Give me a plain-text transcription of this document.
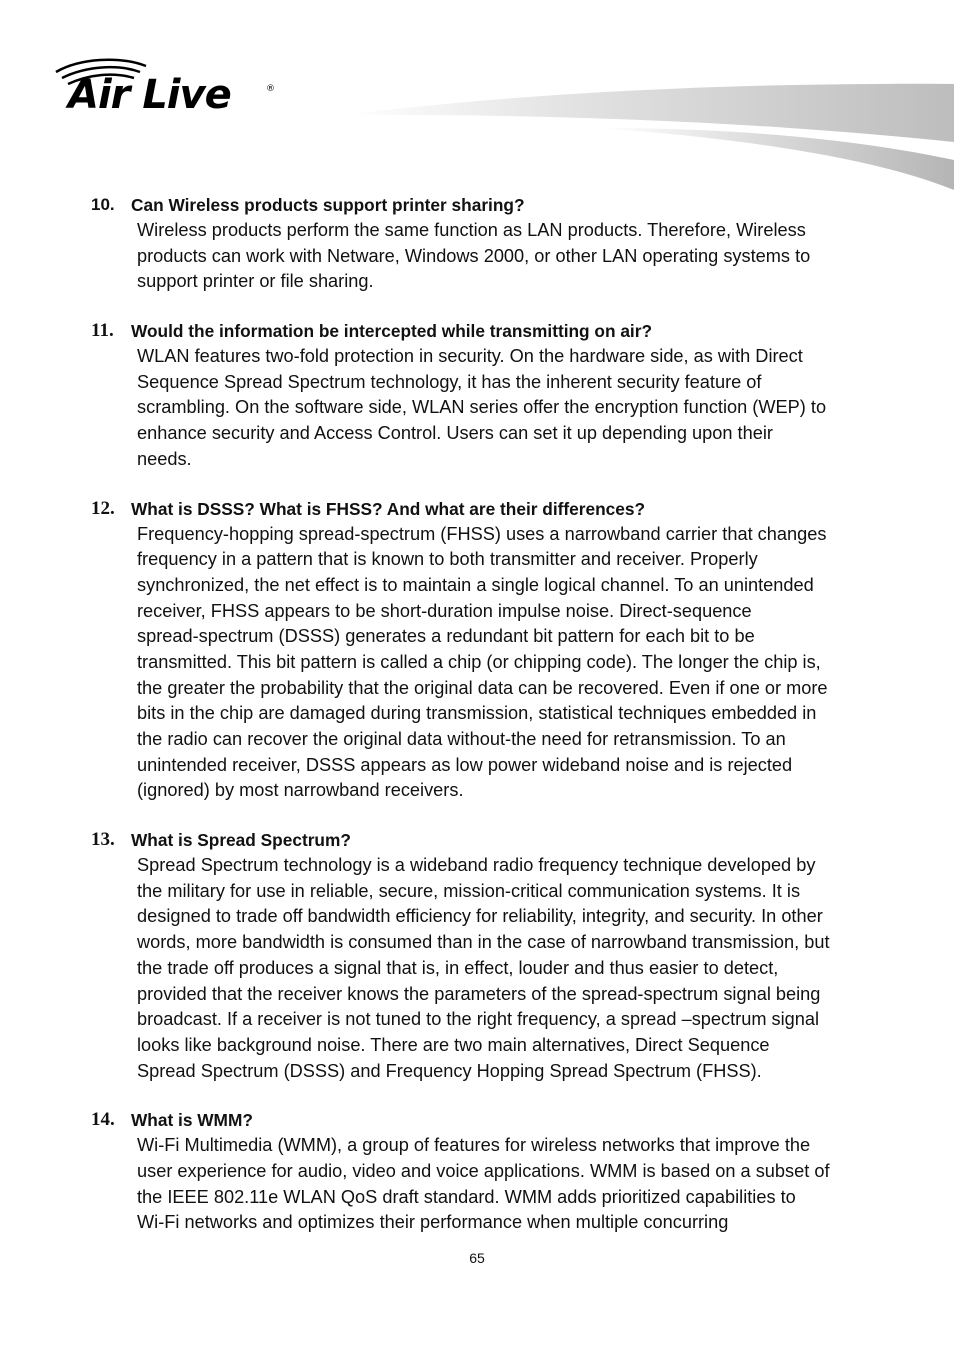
Air Live	®
10. Can Wireless products support printer sharing?
Wireless products perform the same function as LAN products. Therefore, Wireless
products can work with Netware, Windows 2000, or other LAN operating systems to
support printer or file sharing.
11. Would the information be intercepted while transmitting on air?
WLAN features two-fold protection in security. On the hardware side, as with Direct
Sequence Spread Spectrum technology, it has the inherent security feature of
scrambling. On the software side, WLAN series offer the encryption function (WEP) to
enhance security and Access Control. Users can set it up depending upon their
needs.
12. What is DSSS? What is FHSS? And what are their differences?
Frequency-hopping spread-spectrum (FHSS) uses a narrowband carrier that changes
frequency in a pattern that is known to both transmitter and receiver. Properly
synchronized, the net effect is to maintain a single logical channel. To an unintended
receiver, FHSS appears to be short-duration impulse noise. Direct-sequence
spread-spectrum (DSSS) generates a redundant bit pattern for each bit to be
transmitted. This bit pattern is called a chip (or chipping code). The longer the chip is,
the greater the probability that the original data can be recovered. Even if one or more
bits in the chip are damaged during transmission, statistical techniques embedded in
the radio can recover the original data without-the need for retransmission. To an
unintended receiver, DSSS appears as low power wideband noise and is rejected
(ignored) by most narrowband receivers.
13. What is Spread Spectrum?
Spread Spectrum technology is a wideband radio frequency technique developed by
the military for use in reliable, secure, mission-critical communication systems. It is
designed to trade off bandwidth efficiency for reliability, integrity, and security. In other
words, more bandwidth is consumed than in the case of narrowband transmission, but
the trade off produces a signal that is, in effect, louder and thus easier to detect,
provided that the receiver knows the parameters of the spread-spectrum signal being
broadcast. If a receiver is not tuned to the right frequency, a spread –spectrum signal
looks like background noise. There are two main alternatives, Direct Sequence
Spread Spectrum (DSSS) and Frequency Hopping Spread Spectrum (FHSS).
14. What is WMM?
Wi-Fi Multimedia (WMM), a group of features for wireless networks that improve the
user experience for audio, video and voice applications. WMM is based on a subset of
the IEEE 802.11e WLAN QoS draft standard. WMM adds prioritized capabilities to
Wi-Fi networks and optimizes their performance when multiple concurring
65
